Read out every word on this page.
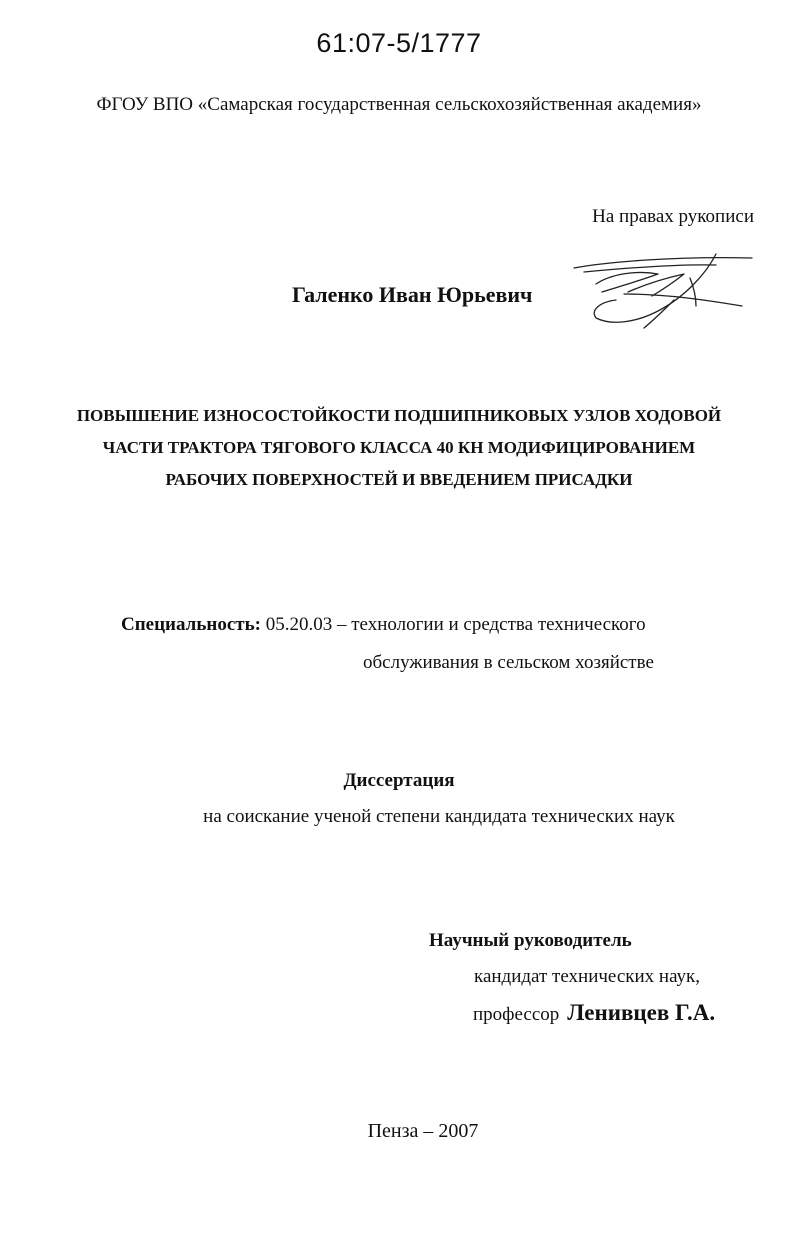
61:07-5/1777
ФГОУ ВПО «Самарская государственная сельскохозяйственная академия»
На правах рукописи
Галенко Иван Юрьевич
ПОВЫШЕНИЕ ИЗНОСОСТОЙКОСТИ ПОДШИПНИКОВЫХ УЗЛОВ ХОДОВОЙ
ЧАСТИ ТРАКТОРА ТЯГОВОГО КЛАССА 40 КН МОДИФИЦИРОВАНИЕМ
РАБОЧИХ ПОВЕРХНОСТЕЙ И ВВЕДЕНИЕМ ПРИСАДКИ
Специальность: 05.20.03 – технологии и средства технического
обслуживания в сельском хозяйстве
Диссертация
на соискание ученой степени кандидата технических наук
Научный руководитель
кандидат технических наук,
профессор Ленивцев Г.А.
Пенза – 2007
